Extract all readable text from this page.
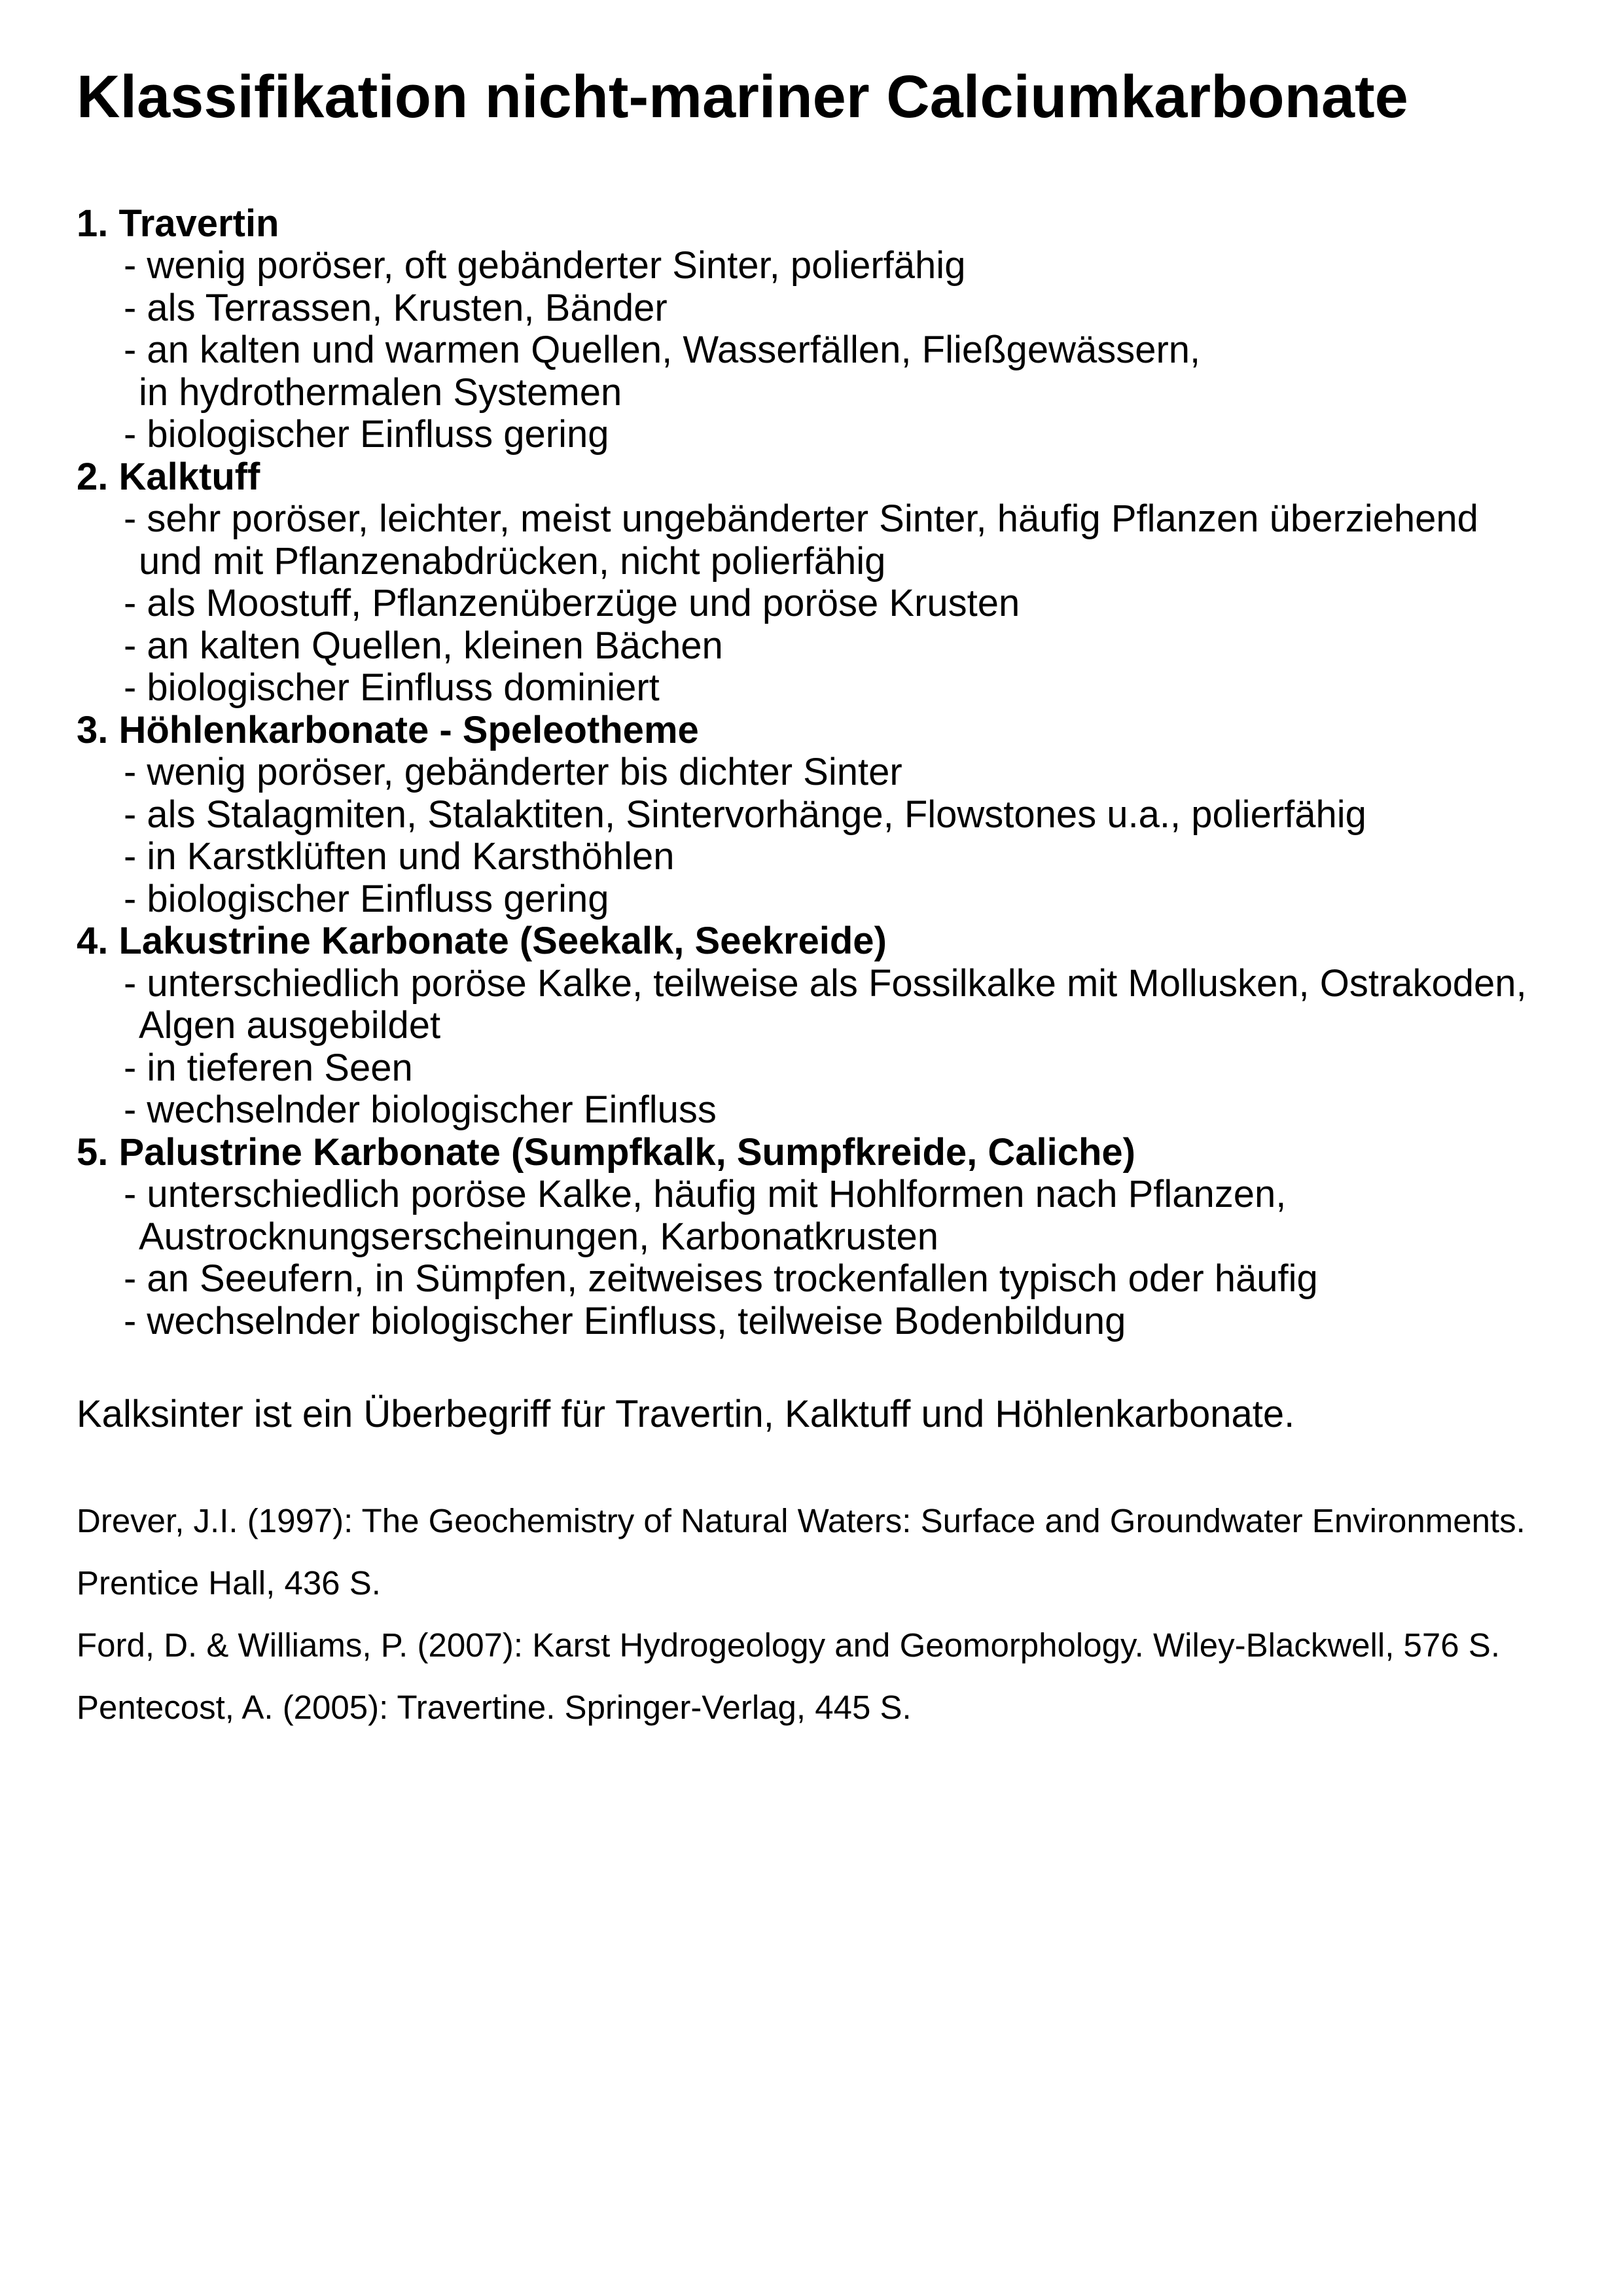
Klassifikation nicht-mariner Calciumkarbonate
1. Travertin
- wenig poröser, oft gebänderter Sinter, polierfähig
- als Terrassen, Krusten, Bänder
- an kalten und warmen Quellen, Wasserfällen, Fließgewässern,
in hydrothermalen Systemen
- biologischer Einfluss gering
2. Kalktuff
- sehr poröser, leichter, meist ungebänderter Sinter, häufig Pflanzen überziehend
und mit Pflanzenabdrücken, nicht polierfähig
- als Moostuff, Pflanzenüberzüge und poröse Krusten
- an kalten Quellen, kleinen Bächen
- biologischer Einfluss dominiert
3. Höhlenkarbonate - Speleotheme
- wenig poröser, gebänderter bis dichter Sinter
- als Stalagmiten, Stalaktiten, Sintervorhänge, Flowstones u.a., polierfähig
- in Karstklüften und Karsthöhlen
- biologischer Einfluss gering
4. Lakustrine Karbonate (Seekalk, Seekreide)
- unterschiedlich poröse Kalke, teilweise als Fossilkalke mit Mollusken, Ostrakoden,
Algen ausgebildet
- in tieferen Seen
- wechselnder biologischer Einfluss
5. Palustrine Karbonate (Sumpfkalk, Sumpfkreide, Caliche)
- unterschiedlich poröse Kalke, häufig mit Hohlformen nach Pflanzen,
Austrocknungserscheinungen, Karbonatkrusten
- an Seeufern, in Sümpfen, zeitweises trockenfallen typisch oder häufig
- wechselnder biologischer Einfluss, teilweise Bodenbildung

Kalksinter ist ein Überbegriff für Travertin, Kalktuff und Höhlenkarbonate.

Drever, J.I. (1997): The Geochemistry of Natural Waters: Surface and Groundwater Environments. Prentice Hall, 436 S.
Ford, D. & Williams, P. (2007): Karst Hydrogeology and Geomorphology. Wiley-Blackwell, 576 S.
Pentecost, A. (2005): Travertine. Springer-Verlag, 445 S.
